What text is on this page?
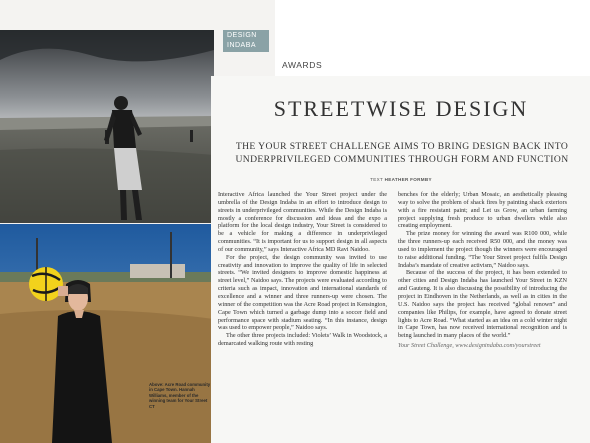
DESIGN
INDABA
AWARDS
STREETWISE DESIGN
THE YOUR STREET CHALLENGE AIMS TO BRING DESIGN BACK INTO
UNDERPRIVILEGED COMMUNITIES THROUGH FORM AND FUNCTION
TEXT HEATHER FORMBY

Interactive Africa launched the Your Street project under the umbrella of the Design Indaba in an effort to introduce design to streets in underprivileged communities. While the Design Indaba is mostly a conference for discussion and ideas and the expo a platform for the local design industry, Your Street is considered to be a vehicle for making a difference in underprivileged communities. “It is important for us to support design in all aspects of our community,” says Interactive Africa MD Ravi Naidoo.

For the project, the design community was invited to use creativity and innovation to improve the quality of life in selected streets. “We invited designers to improve domestic happiness at street level,” Naidoo says. The projects were evaluated according to criteria such as impact, innovation and international standards of excellence and a winner and three runners-up were chosen. The winner of the competition was the Acre Road project in Kensington, Cape Town which turned a garbage dump into a soccer field and performance space with stadium seating. “In this instance, design was used to empower people,” Naidoo says.

The other three projects included: Violets’ Walk in Woodstock, a demarcated walking route with resting

benches for the elderly; Urban Mosaic, an aesthetically pleasing way to solve the problem of shack fires by painting shack exteriors with a fire resistant paint; and Let us Grow, an urban farming project supplying fresh produce to urban dwellers while also creating employment.

The prize money for winning the award was R100 000, while the three runners-up each received R50 000, and the money was used to implement the project though the winners were encouraged to raise additional funding. “The Your Street project fulfils Design Indaba’s mandate of creative activism,” Naidoo says.

Because of the success of the project, it has been extended to other cities and Design Indaba has launched Your Street in KZN and Gauteng. It is also discussing the possibility of introducing the project in Eindhoven in the Netherlands, as well as in cities in the U.S. Naidoo says the project has received “global renown” and companies like Philips, for example, have agreed to donate street lights to Acre Road. “What started as an idea on a cold winter night in Cape Town, has now received international recognition and is being launched in many places of the world.”

Your Street Challenge, www.designindaba.com/yourstreet

Above: Acre Road community in Cape Town. Hannah Williams, member of the winning team for Your Street CT
